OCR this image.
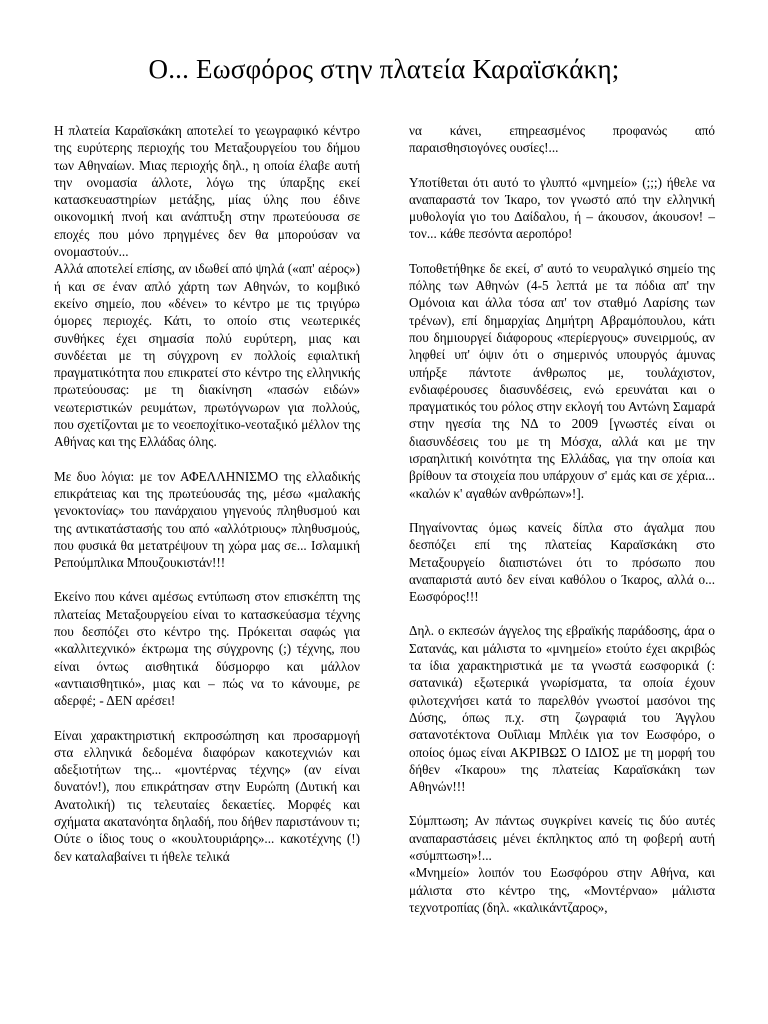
Ο... Εωσφόρος στην πλατεία Καραϊσκάκη;

Η πλατεία Καραϊσκάκη αποτελεί το γεωγραφικό κέντρο της ευρύτερης περιοχής του Μεταξουργείου του δήμου των Αθηναίων. Μιας περιοχής δηλ., η οποία έλαβε αυτή την ονομασία άλλοτε, λόγω της ύπαρξης εκεί κατασκευαστηρίων μετάξης, μίας ύλης που έδινε οικονομική πνοή και ανάπτυξη στην πρωτεύουσα σε εποχές που μόνο πρηγμένες δεν θα μπορούσαν να ονομαστούν...

Αλλά αποτελεί επίσης, αν ιδωθεί από ψηλά («απ' αέρος») ή και σε έναν απλό χάρτη των Αθηνών, το κομβικό εκείνο σημείο, που «δένει» το κέντρο με τις τριγύρω όμορες περιοχές. Κάτι, το οποίο στις νεωτερικές συνθήκες έχει σημασία πολύ ευρύτερη, μιας και συνδέεται με τη σύγχρονη εν πολλοίς εφιαλτική πραγματικότητα που επικρατεί στο κέντρο της ελληνικής πρωτεύουσας: με τη διακίνηση «πασών ειδών» νεωτεριστικών ρευμάτων, πρωτόγνωρων για πολλούς, που σχετίζονται με το νεοεποχίτικο-νεοταξικό μέλλον της Αθήνας και της Ελλάδας όλης.

Με δυο λόγια: με τον ΑΦΕΛΛΗΝΙΣΜΟ της ελλαδικής επικράτειας και της πρωτεύουσάς της, μέσω «μαλακής γενοκτονίας» του πανάρχαιου γηγενούς πληθυσμού και της αντικατάστασής του από «αλλότριους» πληθυσμούς, που φυσικά θα μετατρέψουν τη χώρα μας σε... Ισλαμική Ρεπούμπλικα Μπουζουκιστάν!!!

Εκείνο που κάνει αμέσως εντύπωση στον επισκέπτη της πλατείας Μεταξουργείου είναι το κατασκεύασμα τέχνης που δεσπόζει στο κέντρο της. Πρόκειται σαφώς για «καλλιτεχνικό» έκτρωμα της σύγχρονης (;) τέχνης, που είναι όντως αισθητικά δύσμορφο και μάλλον «αντιαισθητικό», μιας και – πώς να το κάνουμε, ρε αδερφέ; - ΔΕΝ αρέσει!

Είναι χαρακτηριστική εκπροσώπηση και προσαρμογή στα ελληνικά δεδομένα διαφόρων κακοτεχνιών και αδεξιοτήτων της... «μοντέρνας τέχνης» (αν είναι δυνατόν!), που επικράτησαν στην Ευρώπη (Δυτική και Ανατολική) τις τελευταίες δεκαετίες. Μορφές και σχήματα ακατανόητα δηλαδή, που δήθεν παριστάνουν τι; Ούτε ο ίδιος τους ο «κουλτουριάρης»... κακοτέχνης (!) δεν καταλαβαίνει τι ήθελε τελικά

να κάνει, επηρεασμένος προφανώς από παραισθησιογόνες ουσίες!...

Υποτίθεται ότι αυτό το γλυπτό «μνημείο» (;;;) ήθελε να αναπαραστά τον Ίκαρο, τον γνωστό από την ελληνική μυθολογία γιο του Δαίδαλου, ή – άκουσον, άκουσον! – τον... κάθε πεσόντα αεροπόρο!

Τοποθετήθηκε δε εκεί, σ' αυτό το νευραλγικό σημείο της πόλης των Αθηνών (4-5 λεπτά με τα πόδια απ' την Ομόνοια και άλλα τόσα απ' τον σταθμό Λαρίσης των τρένων), επί δημαρχίας Δημήτρη Αβραμόπουλου, κάτι που δημιουργεί διάφορους «περίεργους» συνειρμούς, αν ληφθεί υπ' όψιν ότι ο σημερινός υπουργός άμυνας υπήρξε πάντοτε άνθρωπος με, τουλάχιστον, ενδιαφέρουσες διασυνδέσεις, ενώ ερευνάται και ο πραγματικός του ρόλος στην εκλογή του Αντώνη Σαμαρά στην ηγεσία της ΝΔ το 2009 [γνωστές είναι οι διασυνδέσεις του με τη Μόσχα, αλλά και με την ισραηλιτική κοινότητα της Ελλάδας, για την οποία και βρίθουν τα στοιχεία που υπάρχουν σ' εμάς και σε χέρια... «καλών κ' αγαθών ανθρώπων»!].

Πηγαίνοντας όμως κανείς δίπλα στο άγαλμα που δεσπόζει επί της πλατείας Καραϊσκάκη στο Μεταξουργείο διαπιστώνει ότι το πρόσωπο που αναπαριστά αυτό δεν είναι καθόλου ο Ίκαρος, αλλά ο... Εωσφόρος!!!

Δηλ. ο εκπεσών άγγελος της εβραϊκής παράδοσης, άρα ο Σατανάς, και μάλιστα το «μνημείο» ετούτο έχει ακριβώς τα ίδια χαρακτηριστικά με τα γνωστά εωσφορικά (: σατανικά) εξωτερικά γνωρίσματα, τα οποία έχουν φιλοτεχνήσει κατά το παρελθόν γνωστοί μασόνοι της Δύσης, όπως π.χ. στη ζωγραφιά του Άγγλου σατανοτέκτονα Ουΐλιαμ Μπλέικ για τον Εωσφόρο, ο οποίος όμως είναι ΑΚΡΙΒΩΣ Ο ΙΔΙΟΣ με τη μορφή του δήθεν «Ίκαρου» της πλατείας Καραϊσκάκη των Αθηνών!!!

Σύμπτωση; Αν πάντως συγκρίνει κανείς τις δύο αυτές αναπαραστάσεις μένει έκπληκτος από τη φοβερή αυτή «σύμπτωση»!...

«Μνημείο» λοιπόν του Εωσφόρου στην Αθήνα, και μάλιστα στο κέντρο της, «Μοντέρναο» μάλιστα τεχνοτροπίας (δηλ. «καλικάντζαρος»,
